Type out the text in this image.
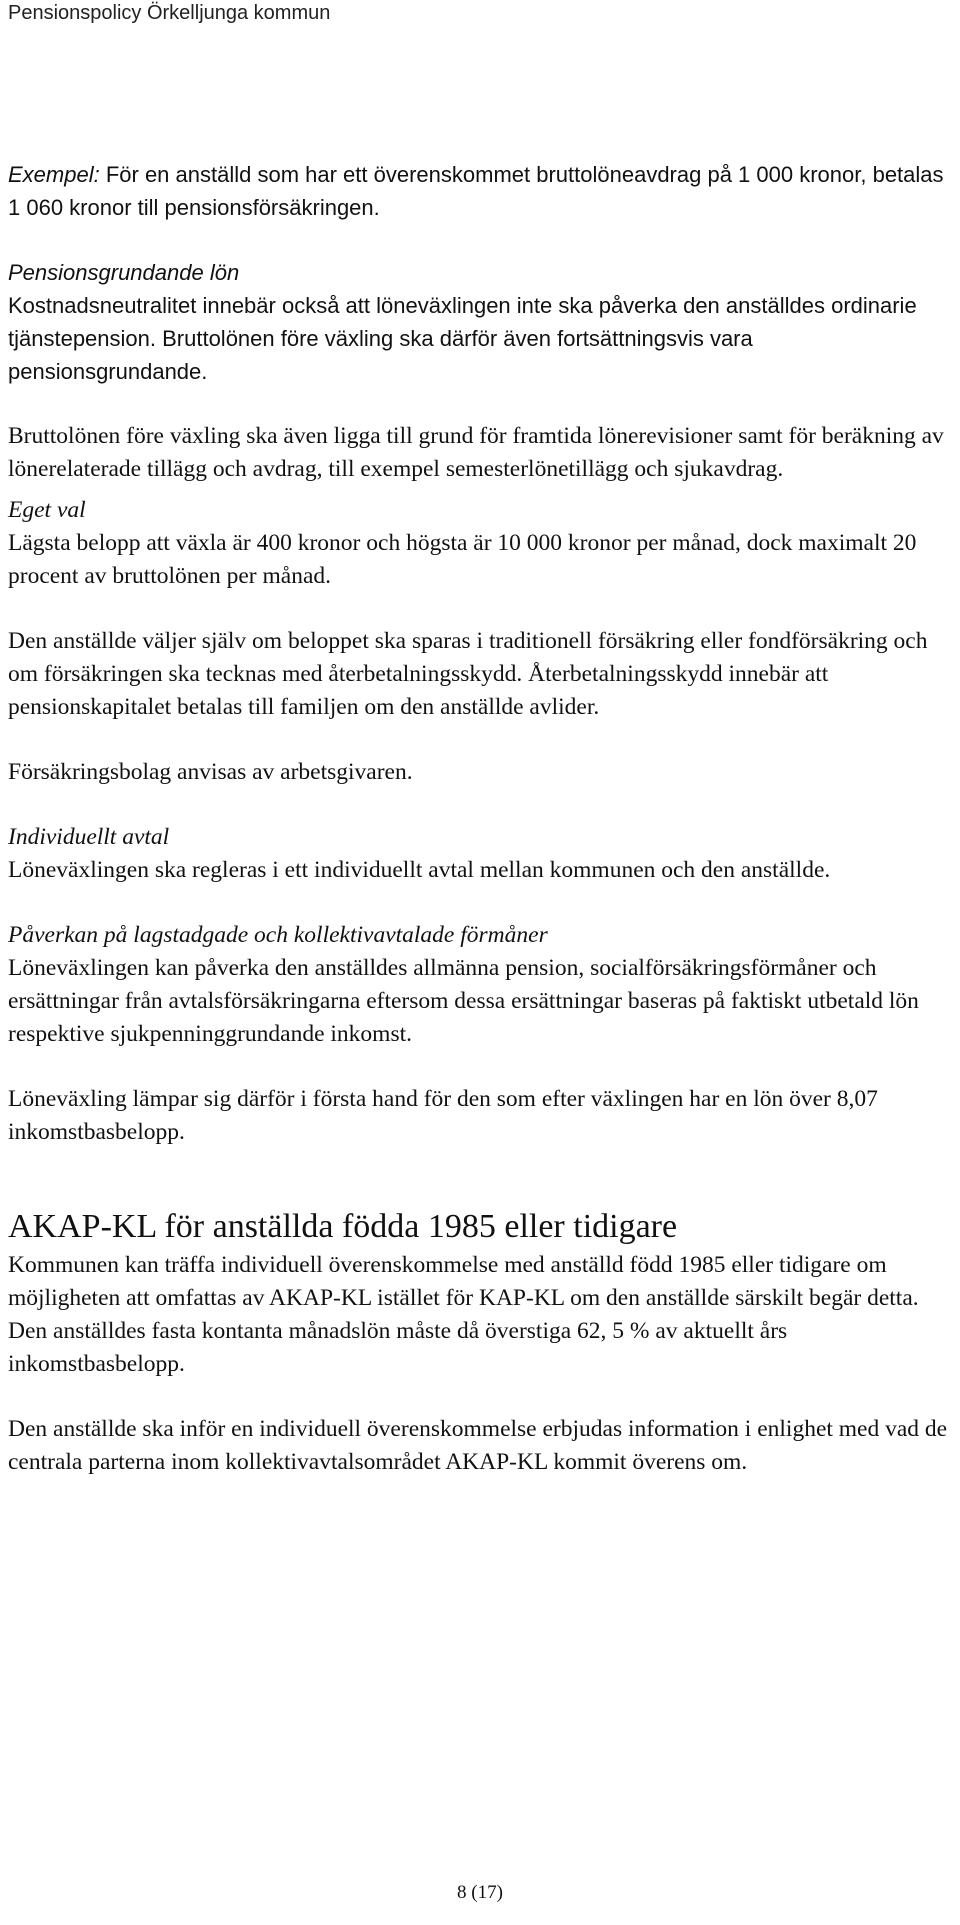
Pensionspolicy Örkelljunga kommun

Exempel: För en anställd som har ett överenskommet bruttolöneavdrag på 1 000 kronor, betalas 1 060 kronor till pensionsförsäkringen.

Pensionsgrundande lön

Kostnadsneutralitet innebär också att löneväxlingen inte ska påverka den anställdes ordinarie tjänstepension. Bruttolönen före växling ska därför även fortsättningsvis vara pensionsgrundande.

Bruttolönen före växling ska även ligga till grund för framtida lönerevisioner samt för beräkning av lönerelaterade tillägg och avdrag, till exempel semesterlönetillägg och sjukavdrag.

Eget val

Lägsta belopp att växla är 400 kronor och högsta är 10 000 kronor per månad, dock maximalt 20 procent av bruttolönen per månad.

Den anställde väljer själv om beloppet ska sparas i traditionell försäkring eller fondförsäkring och om försäkringen ska tecknas med återbetalningsskydd. Återbetalningsskydd innebär att pensionskapitalet betalas till familjen om den anställde avlider.

Försäkringsbolag anvisas av arbetsgivaren.

Individuellt avtal

Löneväxlingen ska regleras i ett individuellt avtal mellan kommunen och den anställde.

Påverkan på lagstadgade och kollektivavtalade förmåner

Löneväxlingen kan påverka den anställdes allmänna pension, socialförsäkringsförmåner och ersättningar från avtalsförsäkringarna eftersom dessa ersättningar baseras på faktiskt utbetald lön respektive sjukpenninggrundande inkomst.

Löneväxling lämpar sig därför i första hand för den som efter växlingen har en lön över 8,07 inkomstbasbelopp.

AKAP-KL för anställda födda 1985 eller tidigare

Kommunen kan träffa individuell överenskommelse med anställd född 1985 eller tidigare om möjligheten att omfattas av AKAP-KL istället för KAP-KL om den anställde särskilt begär detta. Den anställdes fasta kontanta månadslön måste då överstiga 62, 5 % av aktuellt års inkomstbasbelopp.

Den anställde ska inför en individuell överenskommelse erbjudas information i enlighet med vad de centrala parterna inom kollektivavtalsområdet AKAP-KL kommit överens om.

8 (17)
